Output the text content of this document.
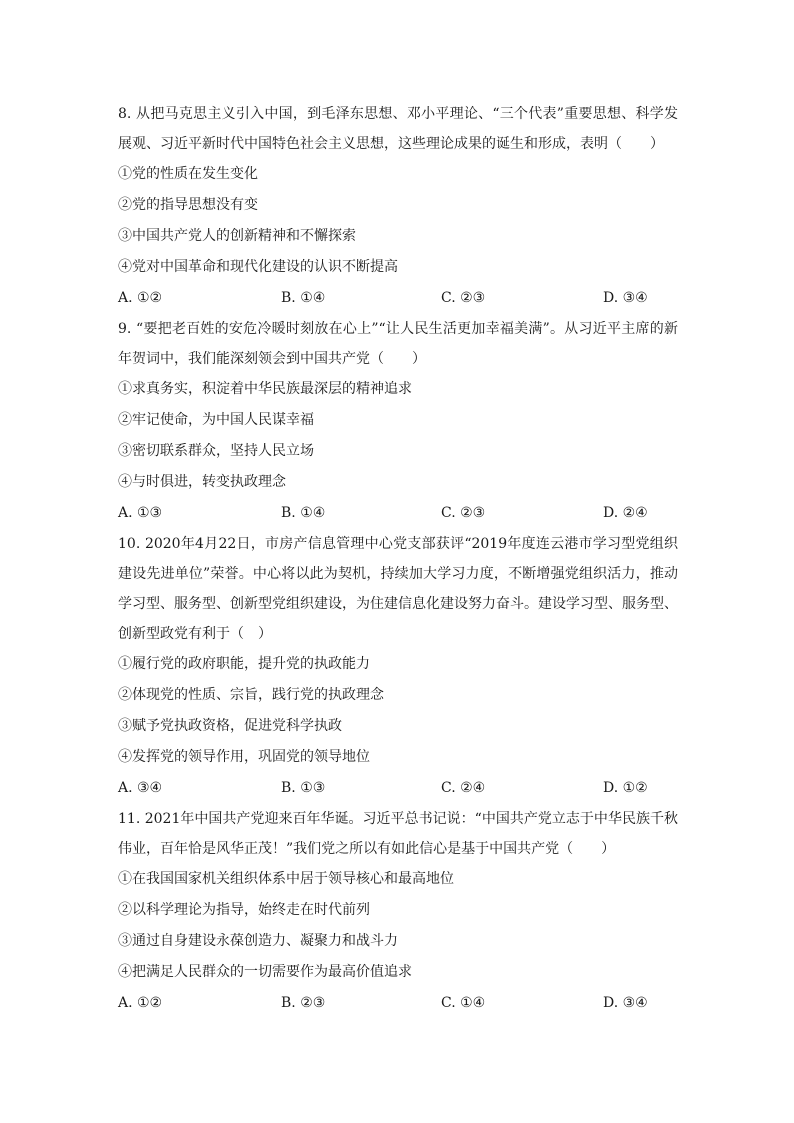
8. 从把马克思主义引入中国，到毛泽东思想、邓小平理论、“三个代表”重要思想、科学发展观、习近平新时代中国特色社会主义思想，这些理论成果的诞生和形成，表明（　　）

①党的性质在发生变化

②党的指导思想没有变

③中国共产党人的创新精神和不懈探索

④党对中国革命和现代化建设的认识不断提高

A. ①②	B. ①④	C. ②③	D. ③④

9. “要把老百姓的安危冷暖时刻放在心上”“让人民生活更加幸福美满”。从习近平主席的新年贺词中，我们能深刻领会到中国共产党（　　）

①求真务实，积淀着中华民族最深层的精神追求

②牢记使命，为中国人民谋幸福

③密切联系群众，坚持人民立场

④与时俱进，转变执政理念

A. ①③	B. ①④	C. ②③	D. ②④

10. 2020年4月22日，市房产信息管理中心党支部获评“2019年度连云港市学习型党组织建设先进单位”荣誉。中心将以此为契机，持续加大学习力度，不断增强党组织活力，推动学习型、服务型、创新型党组织建设，为住建信息化建设努力奋斗。建设学习型、服务型、创新型政党有利于（　）

①履行党的政府职能，提升党的执政能力

②体现党的性质、宗旨，践行党的执政理念

③赋予党执政资格，促进党科学执政

④发挥党的领导作用，巩固党的领导地位

A. ③④	B. ①③	C. ②④	D. ①②

11. 2021年中国共产党迎来百年华诞。习近平总书记说：“中国共产党立志于中华民族千秋伟业，百年恰是风华正茂！”我们党之所以有如此信心是基于中国共产党（　　）

①在我国国家机关组织体系中居于领导核心和最高地位

②以科学理论为指导，始终走在时代前列

③通过自身建设永葆创造力、凝聚力和战斗力

④把满足人民群众的一切需要作为最高价值追求

A. ①②	B. ②③	C. ①④	D. ③④
